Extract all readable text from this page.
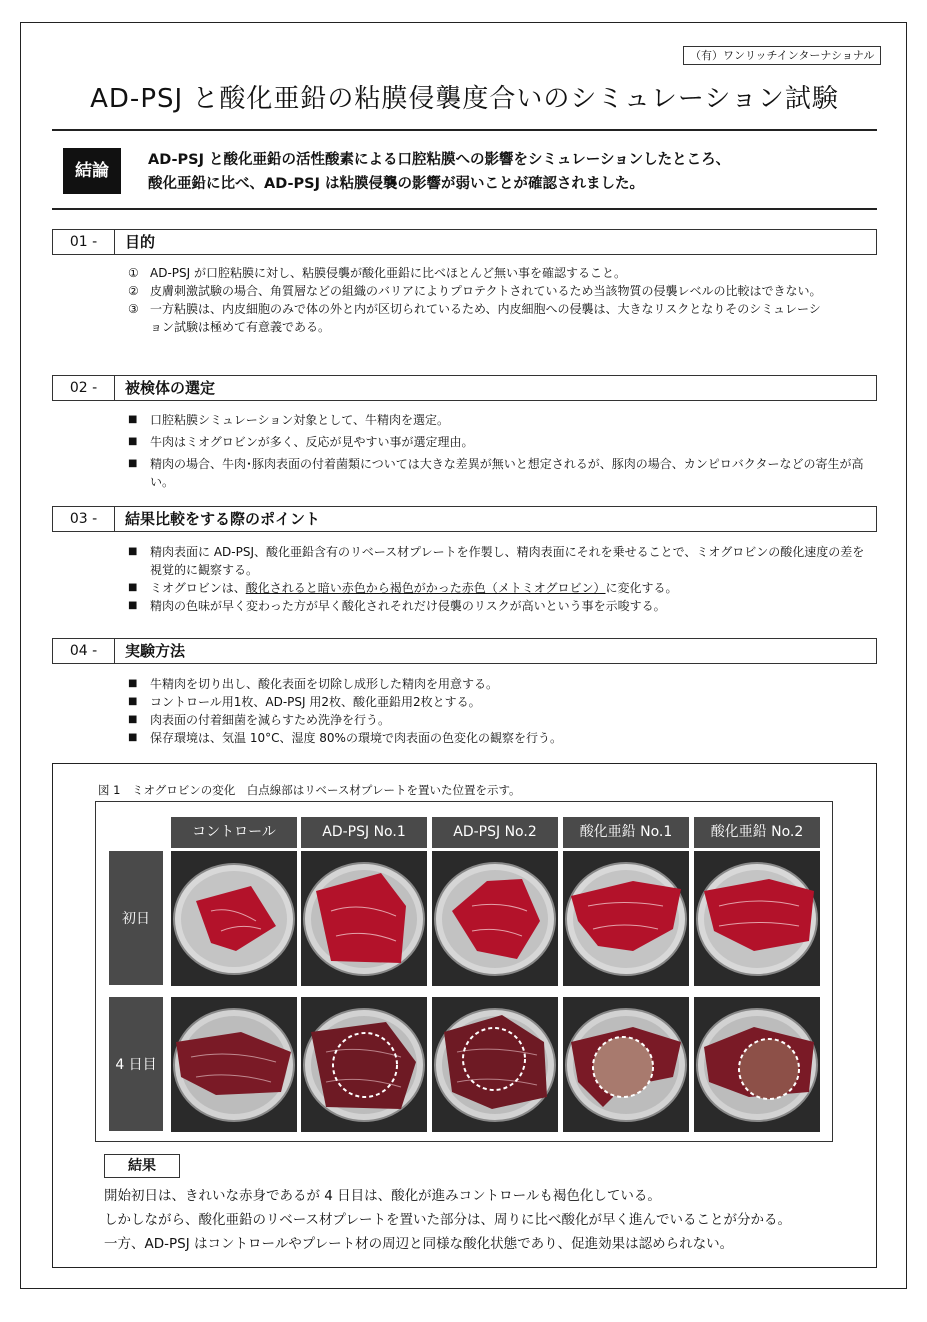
（有）ワンリッチインターナショナル
AD-PSJ と酸化亜鉛の粘膜侵襲度合いのシミュレーション試験
結論
AD-PSJ と酸化亜鉛の活性酸素による口腔粘膜への影響をシミュレーションしたところ、
酸化亜鉛に比べ、AD-PSJ は粘膜侵襲の影響が弱いことが確認されました。
01 -	目的
① AD-PSJ が口腔粘膜に対し、粘膜侵襲が酸化亜鉛に比べほとんど無い事を確認すること。
② 皮膚刺激試験の場合、角質層などの組織のバリアによりプロテクトされているため当該物質の侵襲レベルの比較はできない。
③ 一方粘膜は、内皮細胞のみで体の外と内が区切られているため、内皮細胞への侵襲は、大きなリスクとなりそのシミュレーション試験は極めて有意義である。
02 -	被検体の選定
■ 口腔粘膜シミュレーション対象として、牛精肉を選定。
■ 牛肉はミオグロビンが多く、反応が見やすい事が選定理由。
■ 精肉の場合、牛肉･豚肉表面の付着菌類については大きな差異が無いと想定されるが、豚肉の場合、カンピロバクターなどの寄生が高い。
03 -	結果比較をする際のポイント
■ 精肉表面に AD-PSJ、酸化亜鉛含有のリベース材プレートを作製し、精肉表面にそれを乗せることで、ミオグロビンの酸化速度の差を視覚的に観察する。
■ ミオグロビンは、酸化されると暗い赤色から褐色がかった赤色（メトミオグロビン）に変化する。
■ 精肉の色味が早く変わった方が早く酸化されそれだけ侵襲のリスクが高いという事を示唆する。
04 -	実験方法
■ 牛精肉を切り出し、酸化表面を切除し成形した精肉を用意する。
■ コントロール用1枚、AD-PSJ 用2枚、酸化亜鉛用2枚とする。
■ 肉表面の付着細菌を減らすため洗浄を行う。
■ 保存環境は、気温 10°C、湿度 80%の環境で肉表面の色変化の観察を行う。
図 1　ミオグロビンの変化　白点線部はリベース材プレートを置いた位置を示す。
コントロール	AD-PSJ No.1	AD-PSJ No.2	酸化亜鉛 No.1	酸化亜鉛 No.2
初日
4 日目
結果
開始初日は、きれいな赤身であるが 4 日目は、酸化が進みコントロールも褐色化している。
しかしながら、酸化亜鉛のリベース材プレートを置いた部分は、周りに比べ酸化が早く進んでいることが分かる。
一方、AD-PSJ はコントロールやプレート材の周辺と同様な酸化状態であり、促進効果は認められない。
